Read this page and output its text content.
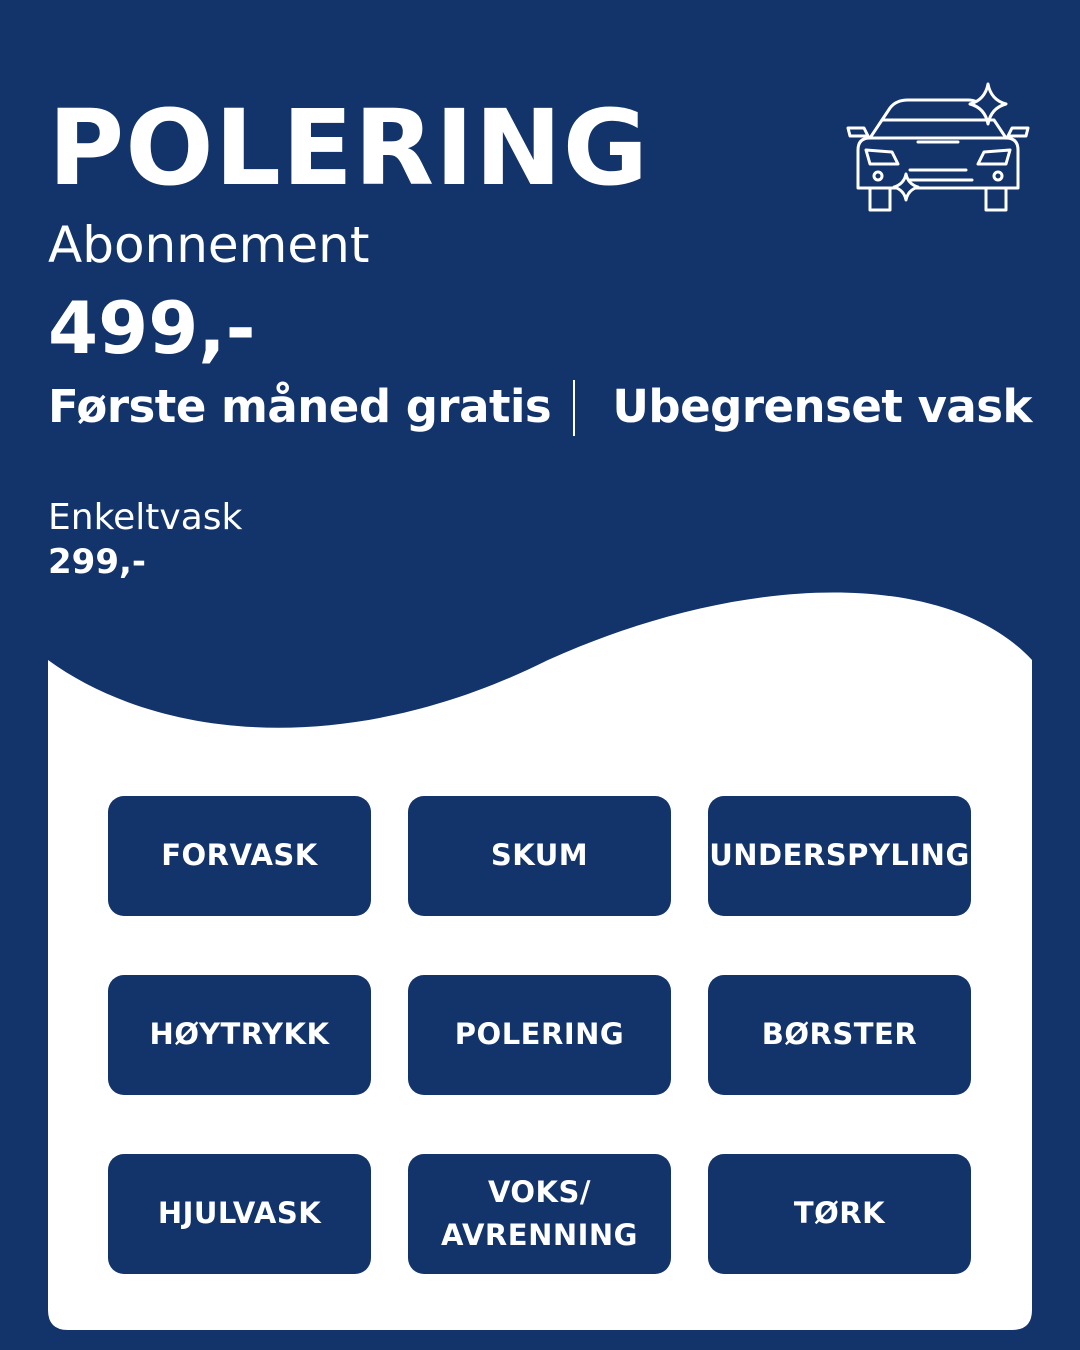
POLERING
Abonnement
499,-
Første måned gratis Ubegrenset vask
Enkeltvask
299,-
FORVASK	SKUM	UNDERSPYLING
HØYTRYKK	POLERING	BØRSTER
HJULVASK
VOKS/
AVRENNING
TØRK
